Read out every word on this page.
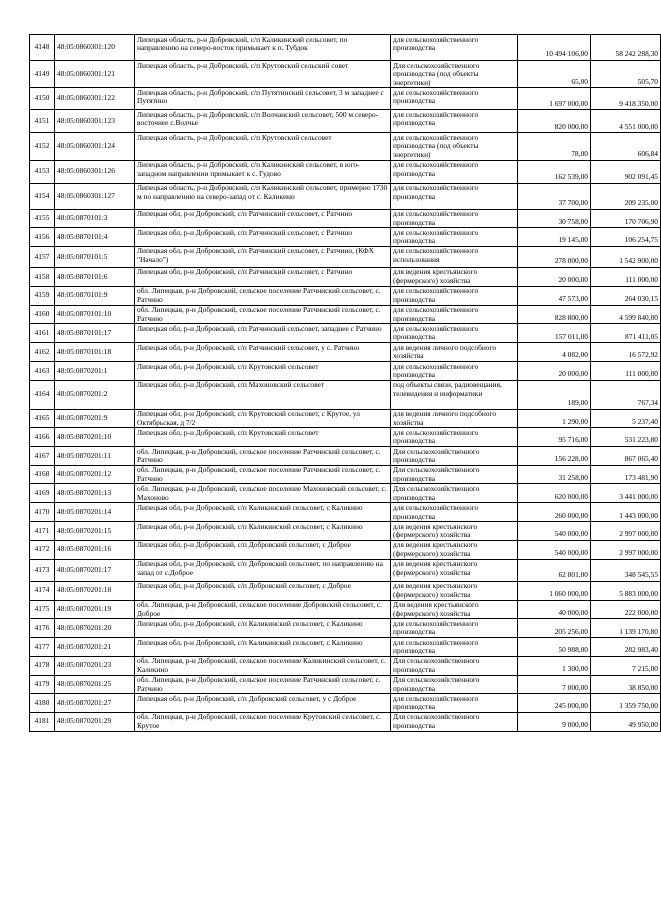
4148	48:05:0860301:120	Липецкая область, р-н Добровский, с/п Каликинский сельсовет, по направлению на северо-восток примыкает к п. Тубдок	для сельскохозяйственного производства	10 494 106,00	58 242 288,30
4149	48:05:0860301:121	Липецкая область, р-н Добровский, с/п Крутовский сельский совет	Для сельскохозяйственного производства (под объекты энергетики)	65,00	505,70
4150	48:05:0860301:122	Липецкая область, р-н Добровский, с/п Путятинский сельсовет, 3 м западнее с Путятино	для сельскохозяйственного производства	1 697 000,00	9 418 350,00
4151	48:05:0860301:123	Липецкая область, р-н Добровский, с/п Волчанский сельсовет, 500 м северо-восточнее с.Волчье	для сельскохозяйственного производства	820 000,00	4 551 000,00
4152	48:05:0860301:124	Липецкая область, р-н Добровский, с/п Крутовский сельсовет	для сельскохозяйственного производства (под объекты энергетики)	78,00	606,84
4153	48:05:0860301:126	Липецкая область, р-н Добровский, с/п Каликинский сельсовет, в юго-западном направлении примыкает к с. Гудово	для сельскохозяйственного производства	162 539,00	902 091,45
4154	48:05:0860301:127	Липецкая область, р-н Добровский, с/п Каликинский сельсовет, примерно 1730 м по направлению на северо-запад от с. Каликино	для сельскохозяйственного производства	37 700,00	209 235,00
4155	48:05:0870101:3	Липецкая обл, р-н Добровский, с/п Ратчинский сельсовет, с Ратчино	для сельскохозяйственного производства	30 758,00	170 706,90
4156	48:05:0870101:4	Липецкая обл, р-н Добровский, с/п Ратчинский сельсовет, с Ратчино	для сельскохозяйственного производства	19 145,00	106 254,75
4157	48:05:0870101:5	Липецкая обл, р-н Добровский, с/п Ратчинский сельсовет, с Ратчино, (КФХ "Начало")	для сельскохозяйственного использования	278 000,00	1 542 900,00
4158	48:05:0870101:6	Липецкая обл, р-н Добровский, с/п Ратчинский сельсовет, с Ратчино	для ведения крестьянского (фермерского) хозяйства	20 000,00	111 000,00
4159	48:05:0870101:9	обл. Липецкая, р-н Добровский, сельское поселение Ратчинский сельсовет, с. Ратчино	для сельскохозяйственного производства	47 573,00	264 030,15
4160	48:05:0870101:10	обл. Липецкая, р-н Добровский, сельское поселение Ратчинский сельсовет, с. Ратчино	для сельскохозяйственного производства	828 800,00	4 599 840,00
4161	48:05:0870101:17	Липецкая обл, р-н Добровский, с/п Ратчинский сельсовет, западнее с Ратчино	для сельскохозяйственного производства	157 011,00	871 411,05
4162	48:05:0870101:18	Липецкая обл, р-н Добровский, с/п Ратчинский сельсовет, у с. Ратчино	для ведения личного подсобного хозяйства	4 082,00	16 572,92
4163	48:05:0870201:1	Липецкая обл, р-н Добровский, с/п Крутовский сельсовет	для сельскохозяйственного производства	20 000,00	111 000,00
4164	48:05:0870201:2	Липецкая обл, р-н Добровский, с/п Махоновский сельсовет	под объекты связи, радиовещания, телевидения и информатики	189,00	767,34
4165	48:05:0870201:9	Липецкая обл, р-н Добровский, с/п Крутовский сельсовет, с Крутое, ул Октябрьская, д 7/2	для ведения личного подсобного хозяйства	1 290,00	5 237,40
4166	48:05:0870201:10	Липецкая обл, р-н Добровский, с/п Крутовский сельсовет	для сельскохозяйственного производства	95 716,00	531 223,80
4167	48:05:0870201:11	обл. Липецкая, р-н Добровский, сельское поселение Ратчинский сельсовет, с. Ратчино	Для сельскохозяйственного производства	156 228,00	867 065,40
4168	48:05:0870201:12	обл. Липецкая, р-н Добровский, сельское поселение Ратчинский сельсовет, с. Ратчино	Для сельскохозяйственного производства	31 258,00	173 481,90
4169	48:05:0870201:13	обл. Липецкая, р-н Добровский, сельское поселение Махоновский сельсовет, с. Махоново	Для сельскохозяйственного производства	620 000,00	3 441 000,00
4170	48:05:0870201:14	Липецкая обл, р-н Добровский, с/п Каликинский сельсовет, с Каликино	для сельскохозяйственного производства	260 000,00	1 443 000,00
4171	48:05:0870201:15	Липецкая обл, р-н Добровский, с/п Каликинский сельсовет, с Каликино	для ведения крестьянского (фермерского) хозяйства	540 000,00	2 997 000,00
4172	48:05:0870201:16	Липецкая обл, р-н Добровский, с/п Добровский сельсовет, с Доброе	для ведения крестьянского (фермерского) хозяйства	540 000,00	2 997 000,00
4173	48:05:0870201:17	Липецкая обл, р-н Добровский, с/п Добровский сельсовет, по направлению на запад от с.Доброе	для ведения крестьянского (фермерского) хозяйства	62 801,00	348 545,55
4174	48:05:0870201:18	Липецкая обл, р-н Добровский, с/п Добровский сельсовет, с Доброе	для ведения крестьянского (фермерского) хозяйства	1 060 000,00	5 883 000,00
4175	48:05:0870201:19	обл. Липецкая, р-н Добровский, сельское поселение Добровский сельсовет, с. Доброе	Для ведения крестьянского (фермерского) хозяйства	40 000,00	222 000,00
4176	48:05:0870201:20	Липецкая обл, р-н Добровский, с/п Каликинский сельсовет, с Каликино	для сельскохозяйственного производства	205 256,00	1 139 170,80
4177	48:05:0870201:21	Липецкая обл, р-н Добровский, с/п Каликинский сельсовет, с Каликино	для сельскохозяйственного производства	50 988,00	282 983,40
4178	48:05:0870201:23	обл. Липецкая, р-н Добровский, сельское поселение Каликинский сельсовет, с. Каликино	Для сельскохозяйственного производства	1 300,00	7 215,00
4179	48:05:0870201:25	обл. Липецкая, р-н Добровский, сельское поселение Ратчинский сельсовет, с. Ратчино	Для сельскохозяйственного производства	7 000,00	38 850,00
4180	48:05:0870201:27	Липецкая обл, р-н Добровский, с/п Добровский сельсовет, у с Доброе	для сельскохозяйственного производства	245 000,00	1 359 750,00
4181	48:05:0870201:29	обл. Липецкая, р-н Добровский, сельское поселение Крутовский сельсовет, с. Крутое	Для сельскохозяйственного производства	9 000,00	49 950,00
